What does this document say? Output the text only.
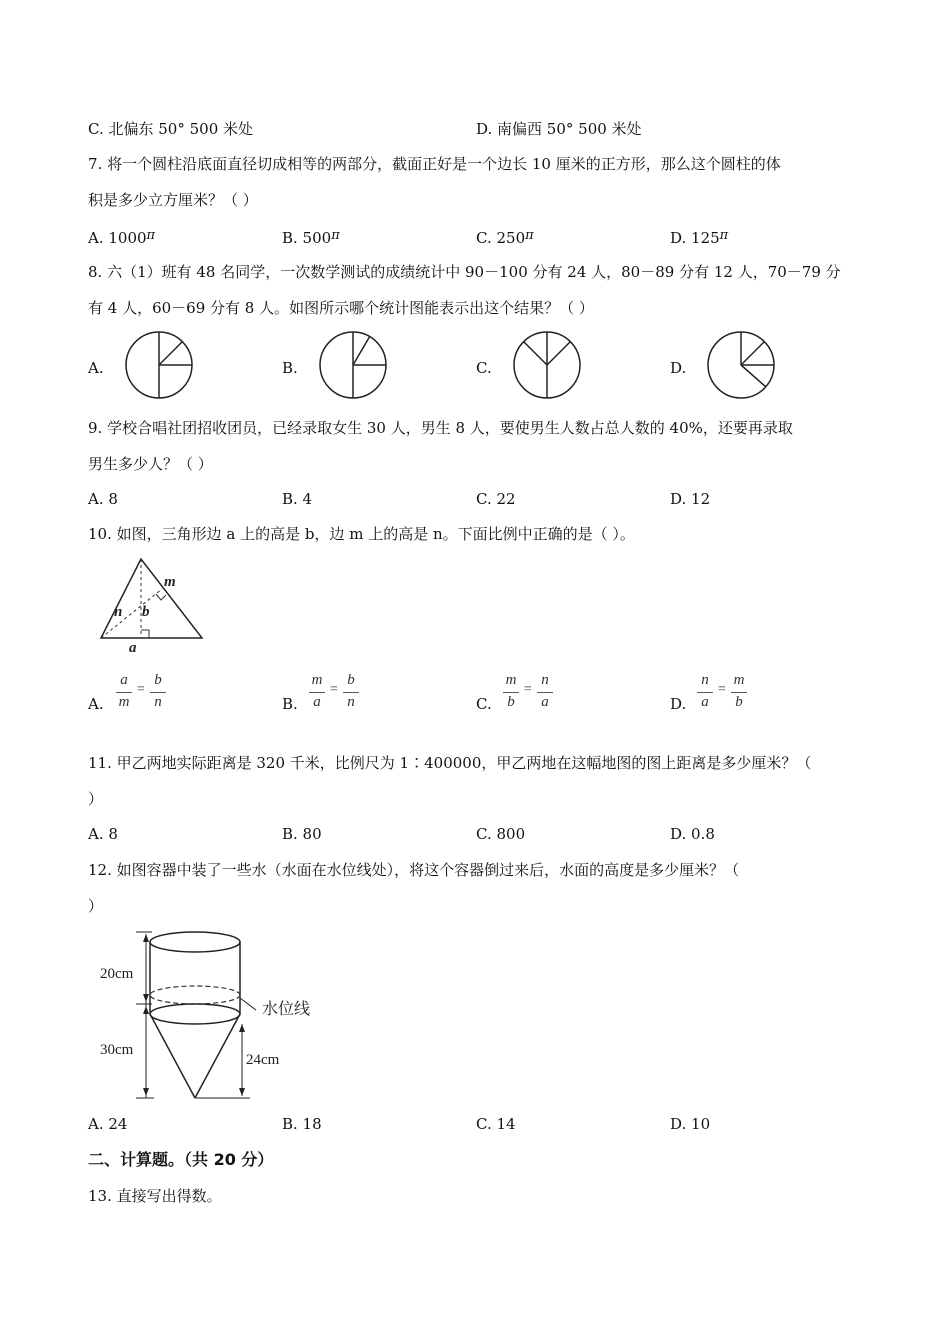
C. 北偏东 50° 500 米处	D. 南偏西 50° 500 米处
7. 将一个圆柱沿底面直径切成相等的两部分，截面正好是一个边长 10 厘米的正方形，那么这个圆柱的体
积是多少立方厘米？（ ）
A. 1000π	B. 500π	C. 250π	D. 125π
8. 六（1）班有 48 名同学，一次数学测试的成绩统计中 90－100 分有 24 人，80－89 分有 12 人，70－79 分
有 4 人，60－69 分有 8 人。如图所示哪个统计图能表示出这个结果？（ ）
A.	B.	C.	D.
9. 学校合唱社团招收团员，已经录取女生 30 人，男生 8 人，要使男生人数占总人数的 40%，还要再录取
男生多少人？（ ）
A. 8	B. 4	C. 22	D. 12
10. 如图，三角形边 a 上的高是 b，边 m 上的高是 n。下面比例中正确的是（ ）。
m
n b
a
A.
a
m
=
b
n	B.
m
a
=
b
n	C.
m
b
=
n
a	D.
n
a
=
m
b
11. 甲乙两地实际距离是 320 千米，比例尺为 1∶400000，甲乙两地在这幅地图的图上距离是多少厘米？（
）
A. 8	B. 80	C. 800	D. 0.8
12. 如图容器中装了一些水（水面在水位线处），将这个容器倒过来后，水面的高度是多少厘米？（
）
20cm
30cm
24cm
水位线
A. 24	B. 18	C. 14	D. 10
二、计算题。（共 20 分）
13. 直接写出得数。
